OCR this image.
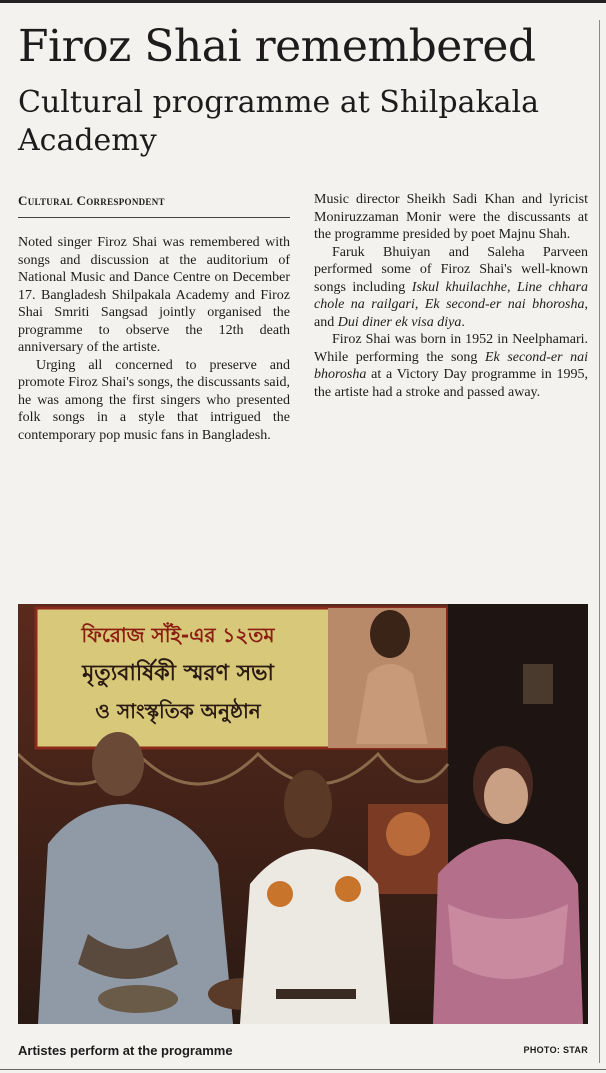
Firoz Shai remembered
Cultural programme at Shilpakala Academy
Cultural Correspondent

Noted singer Firoz Shai was remembered with songs and discussion at the auditorium of National Music and Dance Centre on December 17. Bangladesh Shilpakala Academy and Firoz Shai Smriti Sangsad jointly organised the programme to observe the 12th death anniversary of the artiste.

Urging all concerned to preserve and promote Firoz Shai's songs, the discussants said, he was among the first singers who presented folk songs in a style that intrigued the contemporary pop music fans in Bangladesh.

Music director Sheikh Sadi Khan and lyricist Moniruzzaman Monir were the discussants at the programme presided by poet Majnu Shah.

Faruk Bhuiyan and Saleha Parveen performed some of Firoz Shai's well-known songs including Iskul khuilachhe, Line chhara chole na railgari, Ek second-er nai bhorosha, and Dui diner ek visa diya.

Firoz Shai was born in 1952 in Neelphamari. While performing the song Ek second-er nai bhorosha at a Victory Day programme in 1995, the artiste had a stroke and passed away.

ফিরোজ সাঁই-এর ১২তম
মৃত্যুবার্ষিকী স্মরণ সভা
ও সাংস্কৃতিক অনুষ্ঠান
Artistes perform at the programme	PHOTO: STAR
